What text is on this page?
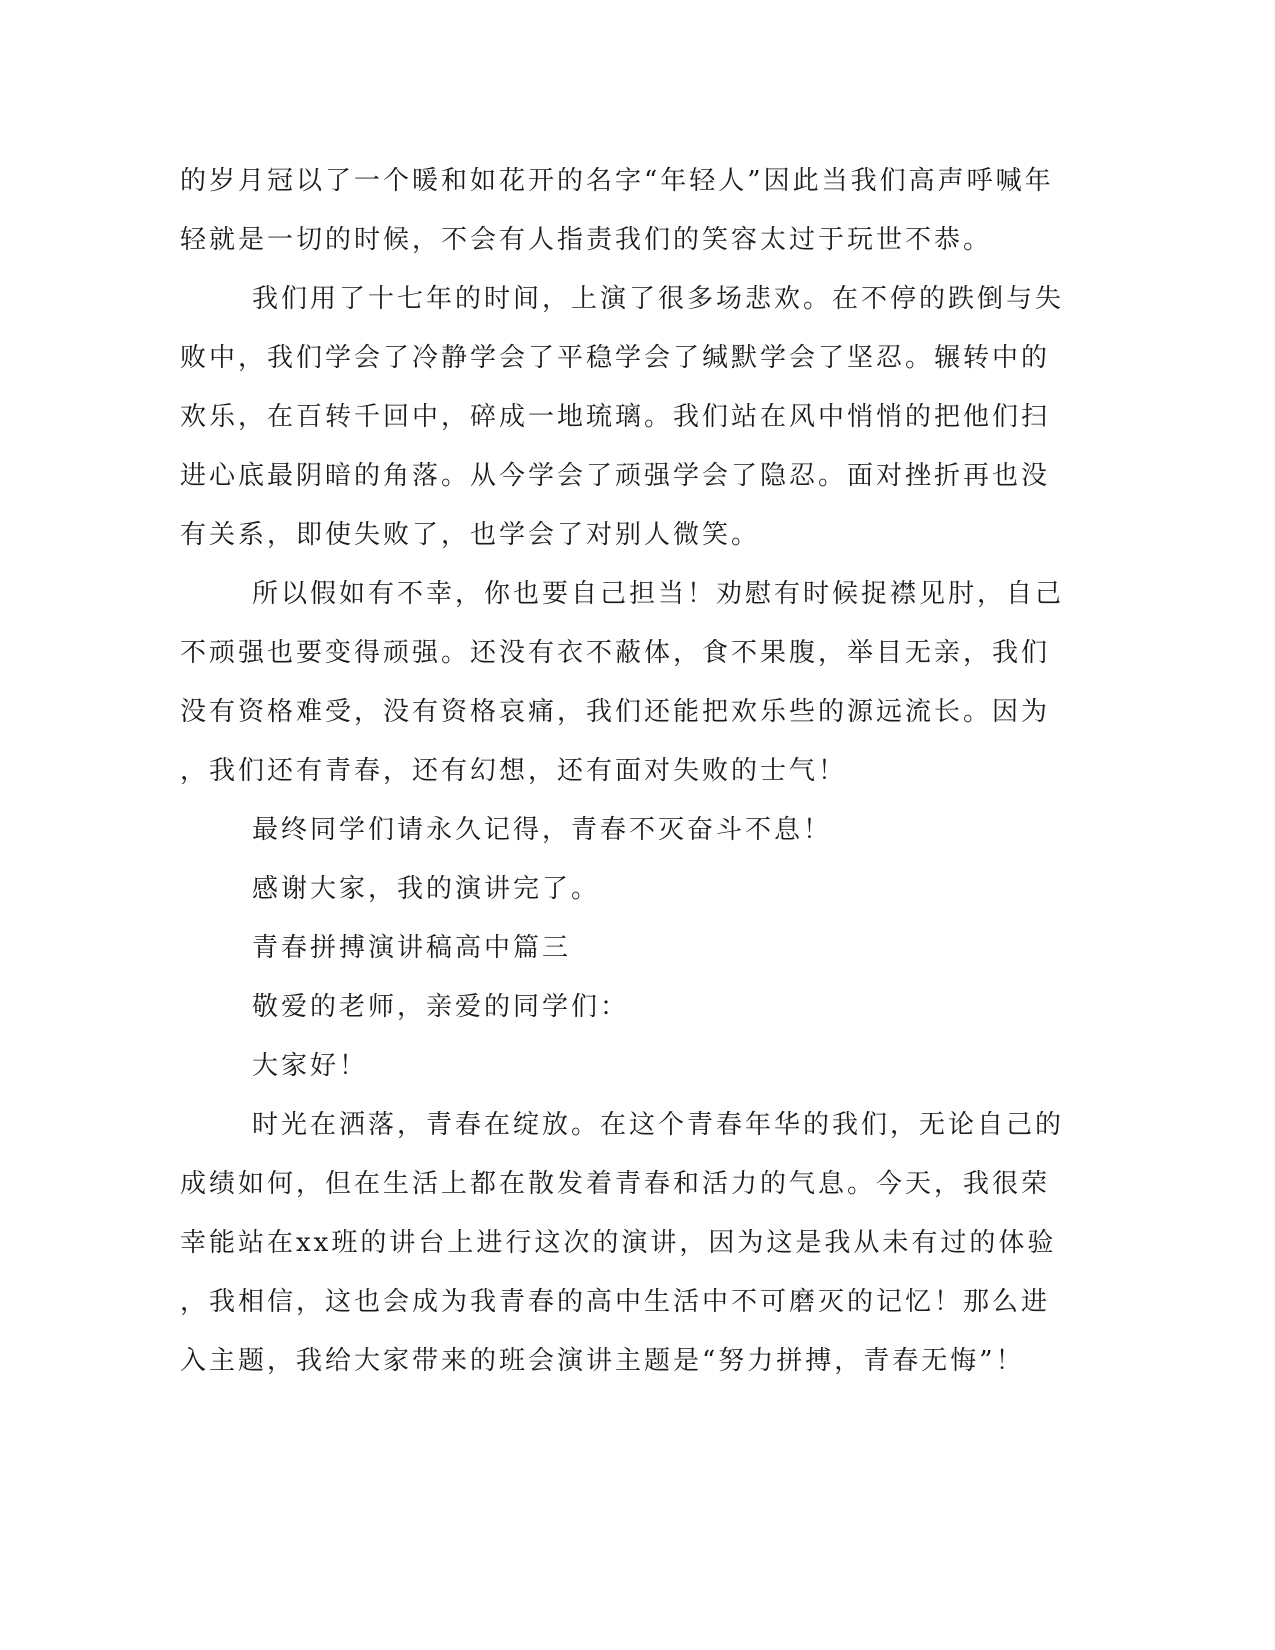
的岁月冠以了一个暖和如花开的名字“年轻人”因此当我们高声呼喊年
轻就是一切的时候，不会有人指责我们的笑容太过于玩世不恭。
我们用了十七年的时间，上演了很多场悲欢。在不停的跌倒与失
败中，我们学会了冷静学会了平稳学会了缄默学会了坚忍。辗转中的
欢乐，在百转千回中，碎成一地琉璃。我们站在风中悄悄的把他们扫
进心底最阴暗的角落。从今学会了顽强学会了隐忍。面对挫折再也没
有关系，即使失败了，也学会了对别人微笑。
所以假如有不幸，你也要自己担当！劝慰有时候捉襟见肘，自己
不顽强也要变得顽强。还没有衣不蔽体，食不果腹，举目无亲，我们
没有资格难受，没有资格哀痛，我们还能把欢乐些的源远流长。因为
，我们还有青春，还有幻想，还有面对失败的士气！
最终同学们请永久记得，青春不灭奋斗不息！
感谢大家，我的演讲完了。
青春拼搏演讲稿高中篇三
敬爱的老师，亲爱的同学们：
大家好！
时光在洒落，青春在绽放。在这个青春年华的我们，无论自己的
成绩如何，但在生活上都在散发着青春和活力的气息。今天，我很荣
幸能站在xx班的讲台上进行这次的演讲，因为这是我从未有过的体验
，我相信，这也会成为我青春的高中生活中不可磨灭的记忆！那么进
入主题，我给大家带来的班会演讲主题是“努力拼搏，青春无悔”！
